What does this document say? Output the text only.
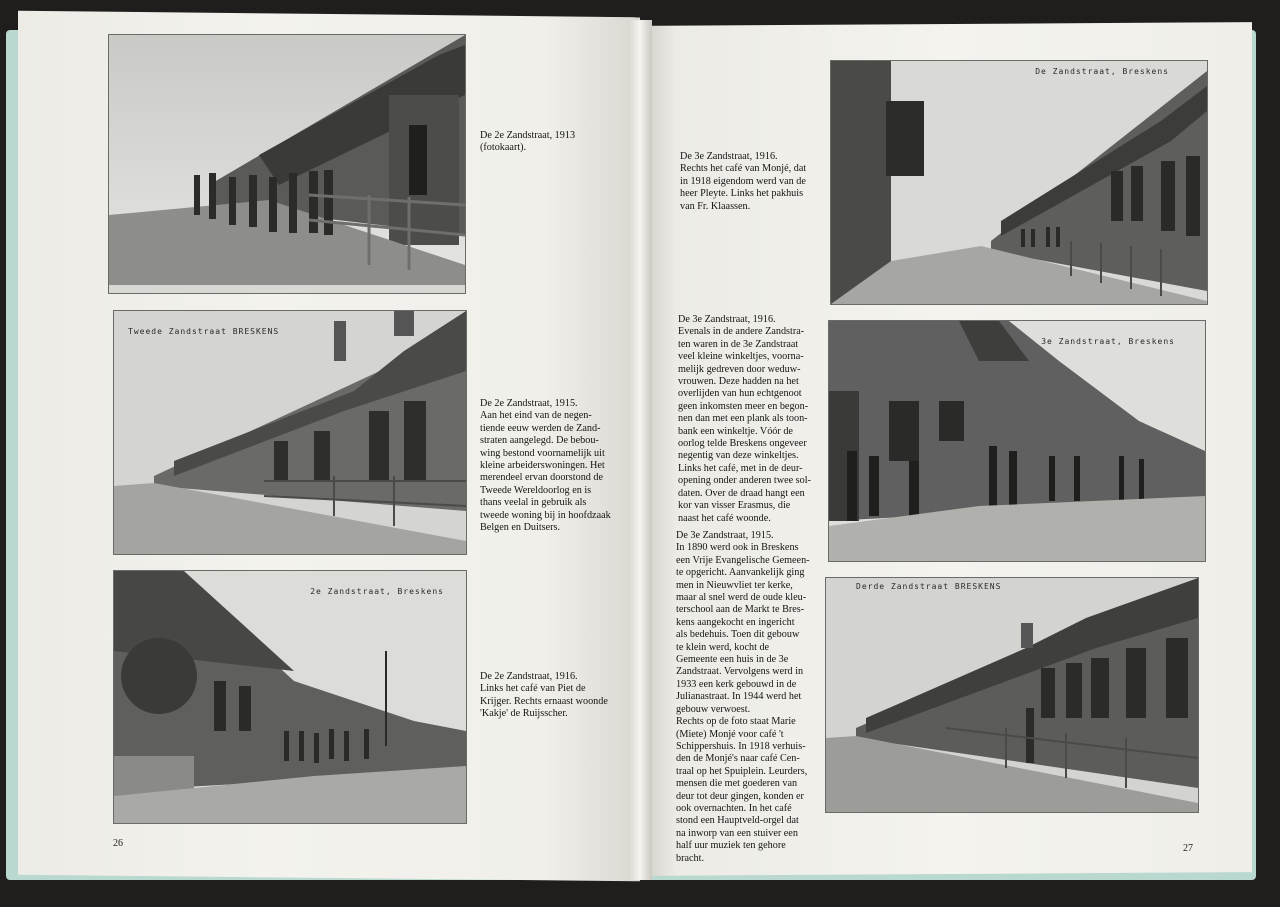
Tweede Zandstraat BRESKENS
2e Zandstraat, Breskens
De 2e Zandstraat, 1913
(fotokaart).
De 2e Zandstraat, 1915.
Aan het eind van de negen-
tiende eeuw werden de Zand-
straten aangelegd. De bebou-
wing bestond voornamelijk uit
kleine arbeiderswoningen. Het
merendeel ervan doorstond de
Tweede Wereldoorlog en is
thans veelal in gebruik als
tweede woning bij in hoofdzaak
Belgen en Duitsers.
De 2e Zandstraat, 1916.
Links het café van Piet de
Krijger. Rechts ernaast woonde
'Kakje' de Ruijsscher.
26
De Zandstraat, Breskens
3e Zandstraat, Breskens
Derde Zandstraat BRESKENS
De 3e Zandstraat, 1916.
Rechts het café van Monjé, dat
in 1918 eigendom werd van de
heer Pleyte. Links het pakhuis
van Fr. Klaassen.
De 3e Zandstraat, 1916.
Evenals in de andere Zandstra-
ten waren in de 3e Zandstraat
veel kleine winkeltjes, voorna-
melijk gedreven door weduw-
vrouwen. Deze hadden na het
overlijden van hun echtgenoot
geen inkomsten meer en begon-
nen dan met een plank als toon-
bank een winkeltje. Vóór de
oorlog telde Breskens ongeveer
negentig van deze winkeltjes.
Links het café, met in de deur-
opening onder anderen twee sol-
daten. Over de draad hangt een
kor van visser Erasmus, die
naast het café woonde.
De 3e Zandstraat, 1915.
In 1890 werd ook in Breskens
een Vrije Evangelische Gemeen-
te opgericht. Aanvankelijk ging
men in Nieuwvliet ter kerke,
maar al snel werd de oude kleu-
terschool aan de Markt te Bres-
kens aangekocht en ingericht
als bedehuis. Toen dit gebouw
te klein werd, kocht de
Gemeente een huis in de 3e
Zandstraat. Vervolgens werd in
1933 een kerk gebouwd in de
Julianastraat. In 1944 werd het
gebouw verwoest.
Rechts op de foto staat Marie
(Miete) Monjé voor café 't
Schippershuis. In 1918 verhuis-
den de Monjé's naar café Cen-
traal op het Spuiplein. Leurders,
mensen die met goederen van
deur tot deur gingen, konden er
ook overnachten. In het café
stond een Hauptveld-orgel dat
na inworp van een stuiver een
half uur muziek ten gehore
bracht.
27
